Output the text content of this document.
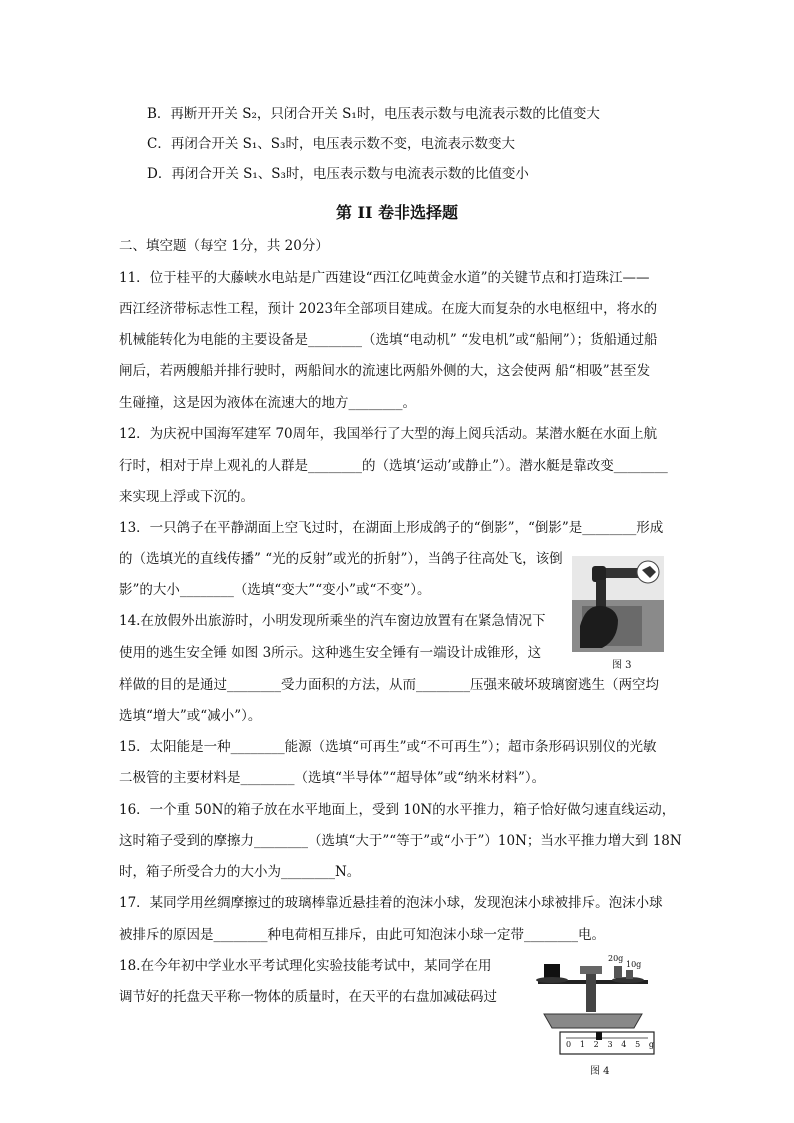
B．再断开开关 S₂，只闭合开关 S₁时，电压表示数与电流表示数的比值变大
C．再闭合开关 S₁、S₃时，电压表示数不变，电流表示数变大
D．再闭合开关 S₁、S₃时，电压表示数与电流表示数的比值变小
第 II 卷非选择题
二、填空题（每空 1分，共 20分）
11．位于桂平的大藤峡水电站是广西建设“西江亿吨黄金水道”的关键节点和打造珠江——
西江经济带标志性工程，预计 2023年全部项目建成。在庞大而复杂的水电枢纽中，将水的
机械能转化为电能的主要设备是________（选填“电动机” “发电机”或“船闸”）；货船通过船
闸后，若两艘船并排行驶时，两船间水的流速比两船外侧的大，这会使两 船“相吸”甚至发
生碰撞，这是因为液体在流速大的地方________。
12．为庆祝中国海军建军 70周年，我国举行了大型的海上阅兵活动。某潜水艇在水面上航
行时，相对于岸上观礼的人群是________的（选填‘运动’或静止”）。潜水艇是靠改变________
来实现上浮或下沉的。
13．一只鸽子在平静湖面上空飞过时，在湖面上形成鸽子的“倒影”，“倒影”是________形成
的（选填光的直线传播” “光的反射”或光的折射”），当鸽子往高处飞，该倒
影”的大小________（选填“变大”“变小”或“不变”）。
14.在放假外出旅游时，小明发现所乘坐的汽车窗边放置有在紧急情况下
使用的逃生安全锤 如图 3所示。这种逃生安全锤有一端设计成锥形，这
样做的目的是通过________受力面积的方法，从而________压强来破坏玻璃窗逃生（两空均
选填“增大”或“减小”）。
15．太阳能是一种________能源（选填“可再生”或“不可再生”）；超市条形码识别仪的光敏
二极管的主要材料是________（选填“半导体”“超导体”或“纳米材料”）。
16．一个重 50N的箱子放在水平地面上，受到 10N的水平推力，箱子恰好做匀速直线运动，
这时箱子受到的摩擦力________（选填“大于”“等于”或“小于”）10N；当水平推力增大到 18N
时，箱子所受合力的大小为________N。
17．某同学用丝绸摩擦过的玻璃棒靠近悬挂着的泡沫小球，发现泡沫小球被排斥。泡沫小球
被排斥的原因是________种电荷相互排斥，由此可知泡沫小球一定带________电。
18.在今年初中学业水平考试理化实验技能考试中，某同学在用
调节好的托盘天平称一物体的质量时，在天平的右盘加减砝码过
图 3
20g
10g
0 1 2 3 4 5 g
图 4
